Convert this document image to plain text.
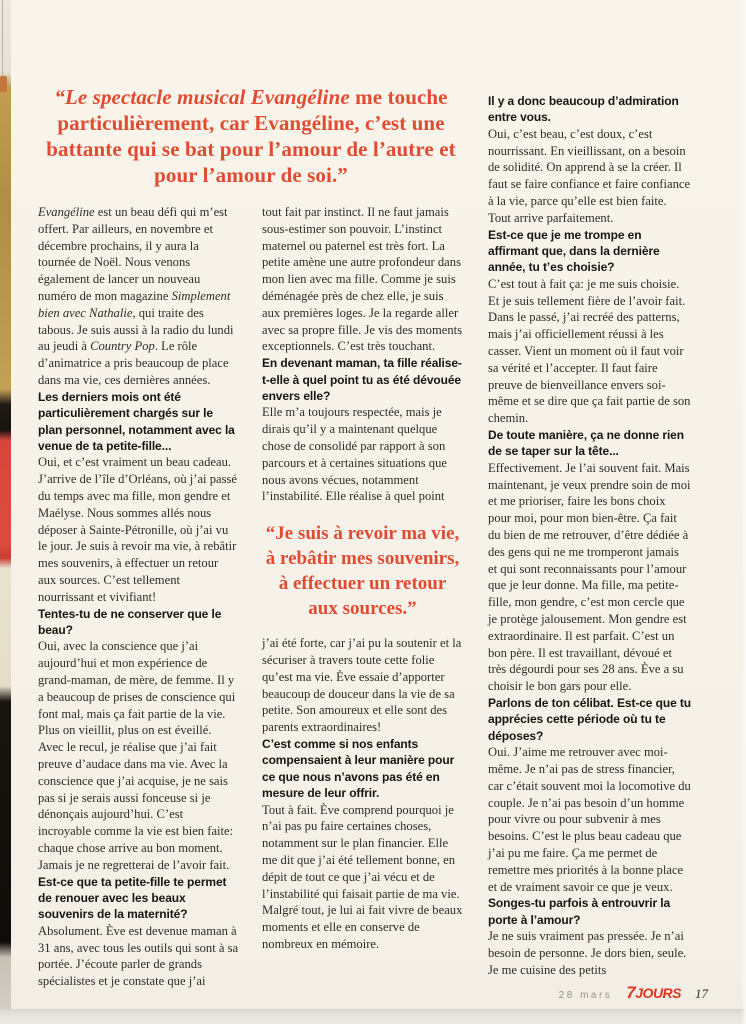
“Le spectacle musical Evangéline me touche particulièrement, car Evangéline, c’est une battante qui se bat pour l’amour de l’autre et pour l’amour de soi.”

Evangéline est un beau défi qui m’est offert. Par ailleurs, en novembre et décembre prochains, il y aura la tournée de Noël. Nous venons également de lancer un nouveau numéro de mon magazine Simplement bien avec Nathalie, qui traite des tabous. Je suis aussi à la radio du lundi au jeudi à Country Pop. Le rôle d’animatrice a pris beaucoup de place dans ma vie, ces dernières années.

Les derniers mois ont été particulièrement chargés sur le plan personnel, notamment avec la venue de ta petite-fille...

Oui, et c’est vraiment un beau cadeau. J’arrive de l’île d’Orléans, où j’ai passé du temps avec ma fille, mon gendre et Maélyse. Nous sommes allés nous déposer à Sainte-Pétronille, où j’ai vu le jour. Je suis à revoir ma vie, à rebâtir mes souvenirs, à effectuer un retour aux sources. C’est tellement nourrissant et vivifiant!

Tentes-tu de ne conserver que le beau?

Oui, avec la conscience que j’ai aujourd’hui et mon expérience de grand-maman, de mère, de femme. Il y a beaucoup de prises de conscience qui font mal, mais ça fait partie de la vie. Plus on vieillit, plus on est éveillé. Avec le recul, je réalise que j’ai fait preuve d’audace dans ma vie. Avec la conscience que j’ai acquise, je ne sais pas si je serais aussi fonceuse si je dénonçais aujourd’hui. C’est incroyable comme la vie est bien faite: chaque chose arrive au bon moment. Jamais je ne regretterai de l’avoir fait.

Est-ce que ta petite-fille te permet de renouer avec les beaux souvenirs de la maternité?

Absolument. Ève est devenue maman à 31 ans, avec tous les outils qui sont à sa portée. J’écoute parler de grands spécialistes et je constate que j’ai

tout fait par instinct. Il ne faut jamais sous-estimer son pouvoir. L’instinct maternel ou paternel est très fort. La petite amène une autre profondeur dans mon lien avec ma fille. Comme je suis déménagée près de chez elle, je suis aux premières loges. Je la regarde aller avec sa propre fille. Je vis des moments exceptionnels. C’est très touchant.

En devenant maman, ta fille réalise-t-elle à quel point tu as été dévouée envers elle?

Elle m’a toujours respectée, mais je dirais qu’il y a maintenant quelque chose de consolidé par rapport à son parcours et à certaines situations que nous avons vécues, notamment l’instabilité. Elle réalise à quel point

“Je suis à revoir ma vie, à rebâtir mes souvenirs, à effectuer un retour aux sources.”

j’ai été forte, car j’ai pu la soutenir et la sécuriser à travers toute cette folie qu’est ma vie. Ève essaie d’apporter beaucoup de douceur dans la vie de sa petite. Son amoureux et elle sont des parents extraordinaires!

C’est comme si nos enfants compensaient à leur manière pour ce que nous n’avons pas été en mesure de leur offrir.

Tout à fait. Ève comprend pourquoi je n’ai pas pu faire certaines choses, notamment sur le plan financier. Elle me dit que j’ai été tellement bonne, en dépit de tout ce que j’ai vécu et de l’instabilité qui faisait partie de ma vie. Malgré tout, je lui ai fait vivre de beaux moments et elle en conserve de nombreux en mémoire.

Il y a donc beaucoup d’admiration entre vous.

Oui, c’est beau, c’est doux, c’est nourrissant. En vieillissant, on a besoin de solidité. On apprend à se la créer. Il faut se faire confiance et faire confiance à la vie, parce qu’elle est bien faite. Tout arrive parfaitement.

Est-ce que je me trompe en affirmant que, dans la dernière année, tu t’es choisie?

C’est tout à fait ça: je me suis choisie. Et je suis tellement fière de l’avoir fait. Dans le passé, j’ai recréé des patterns, mais j’ai officiellement réussi à les casser. Vient un moment où il faut voir sa vérité et l’accepter. Il faut faire preuve de bienveillance envers soi-même et se dire que ça fait partie de son chemin.

De toute manière, ça ne donne rien de se taper sur la tête...

Effectivement. Je l’ai souvent fait. Mais maintenant, je veux prendre soin de moi et me prioriser, faire les bons choix pour moi, pour mon bien-être. Ça fait du bien de me retrouver, d’être dédiée à des gens qui ne me tromperont jamais et qui sont reconnaissants pour l’amour que je leur donne. Ma fille, ma petite-fille, mon gendre, c’est mon cercle que je protège jalousement. Mon gendre est extraordinaire. Il est parfait. C’est un bon père. Il est travaillant, dévoué et très dégourdi pour ses 28 ans. Ève a su choisir le bon gars pour elle.

Parlons de ton célibat. Est-ce que tu apprécies cette période où tu te déposes?

Oui. J’aime me retrouver avec moi-même. Je n’ai pas de stress financier, car c’était souvent moi la locomotive du couple. Je n’ai pas besoin d’un homme pour vivre ou pour subvenir à mes besoins. C’est le plus beau cadeau que j’ai pu me faire. Ça me permet de remettre mes priorités à la bonne place et de vraiment savoir ce que je veux.

Songes-tu parfois à entrouvrir la porte à l’amour?

Je ne suis vraiment pas pressée. Je n’ai besoin de personne. Je dors bien, seule. Je me cuisine des petits

28 mars 7JOURS 17
